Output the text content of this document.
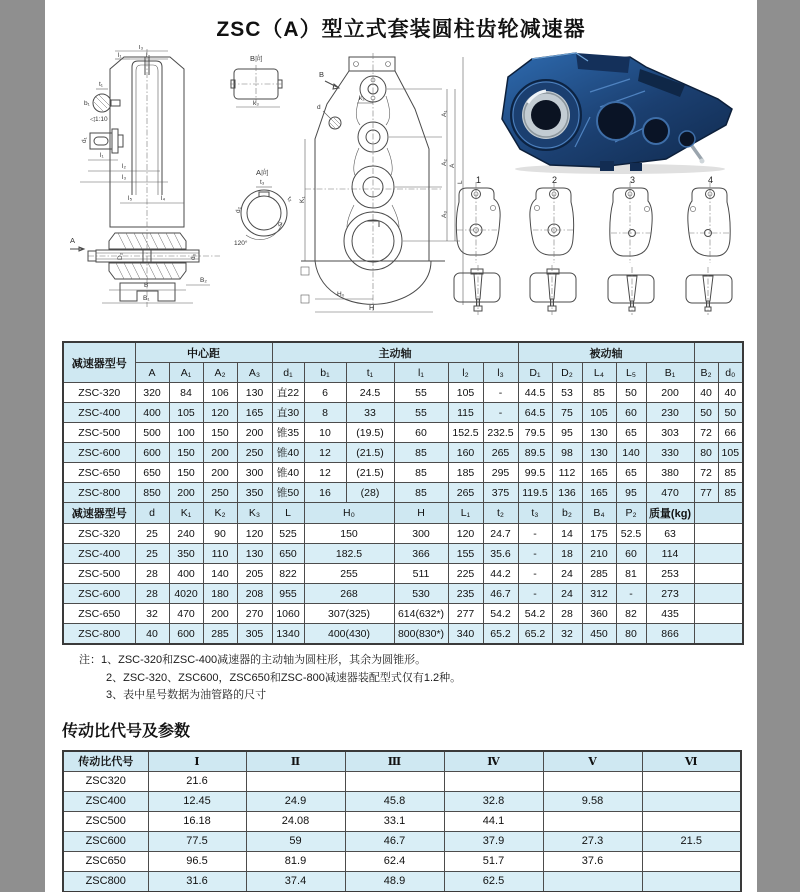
ZSC（A）型立式套装圆柱齿轮减速器
t₁
b₁
◁1:10
d₁
l₁
l₂
l₃
l₃
l₁	l₂
l₅	l₄
A
D₂	d₀
B
B₁
B₂
B向
k₃
A向
t₃
d₂
t₂
120°
d
B
k₂
K₁
A₁
A₂
A₃
A
L
H₀
H
1	2	3	4
减速器型号	中心距				主动轴						被动轴						
	A	A₁	A₂	A₃	d₁	b₁	t₁	l₁	l₂	l₃	D₁	D₂	L₄	L₅	B₁	B₂	d₀
ZSC-320	320	84	106	130	直22	6	24.5	55	105	-	44.5	53	85	50	200	40	40
ZSC-400	400	105	120	165	直30	8	33	55	115	-	64.5	75	105	60	230	50	50
ZSC-500	500	100	150	200	锥35	10	(19.5)	60	152.5	232.5	79.5	95	130	65	303	72	66
ZSC-600	600	150	200	250	锥40	12	(21.5)	85	160	265	89.5	98	130	140	330	80	105
ZSC-650	650	150	200	300	锥40	12	(21.5)	85	185	295	99.5	112	165	65	380	72	85
ZSC-800	850	200	250	350	锥50	16	(28)	85	265	375	119.5	136	165	95	470	77	85
减速器型号	d	K₁	K₂	K₃	L	H₀		H	L₁	t₂	t₃	b₂	B₄	P₂	质量(kg)		
ZSC-320	25	240	90	120	525	150		300	120	24.7	-	14	175	52.5	63		
ZSC-400	25	350	110	130	650	182.5		366	155	35.6	-	18	210	60	114		
ZSC-500	28	400	140	205	822	255		511	225	44.2	-	24	285	81	253		
ZSC-600	28	4020	180	208	955	268		530	235	46.7	-	24	312	-	273		
ZSC-650	32	470	200	270	1060	307(325)		614(632*)	277	54.2	54.2	28	360	82	435		
ZSC-800	40	600	285	305	1340	400(430)		800(830*)	340	65.2	65.2	32	450	80	866		
注：1、ZSC-320和ZSC-400减速器的主动轴为圆柱形，其余为圆锥形。
2、ZSC-320、ZSC600，ZSC650和ZSC-800减速器装配型式仅有1.2种。
3、表中星号数据为油管路的尺寸
传动比代号及参数
传动比代号	Ⅰ	Ⅱ	Ⅲ	Ⅳ	Ⅴ	Ⅵ
ZSC320	21.6					
ZSC400	12.45	24.9	45.8	32.8	9.58	
ZSC500	16.18	24.08	33.1	44.1		
ZSC600	77.5	59	46.7	37.9	27.3	21.5
ZSC650	96.5	81.9	62.4	51.7	37.6	
ZSC800	31.6	37.4	48.9	62.5		
